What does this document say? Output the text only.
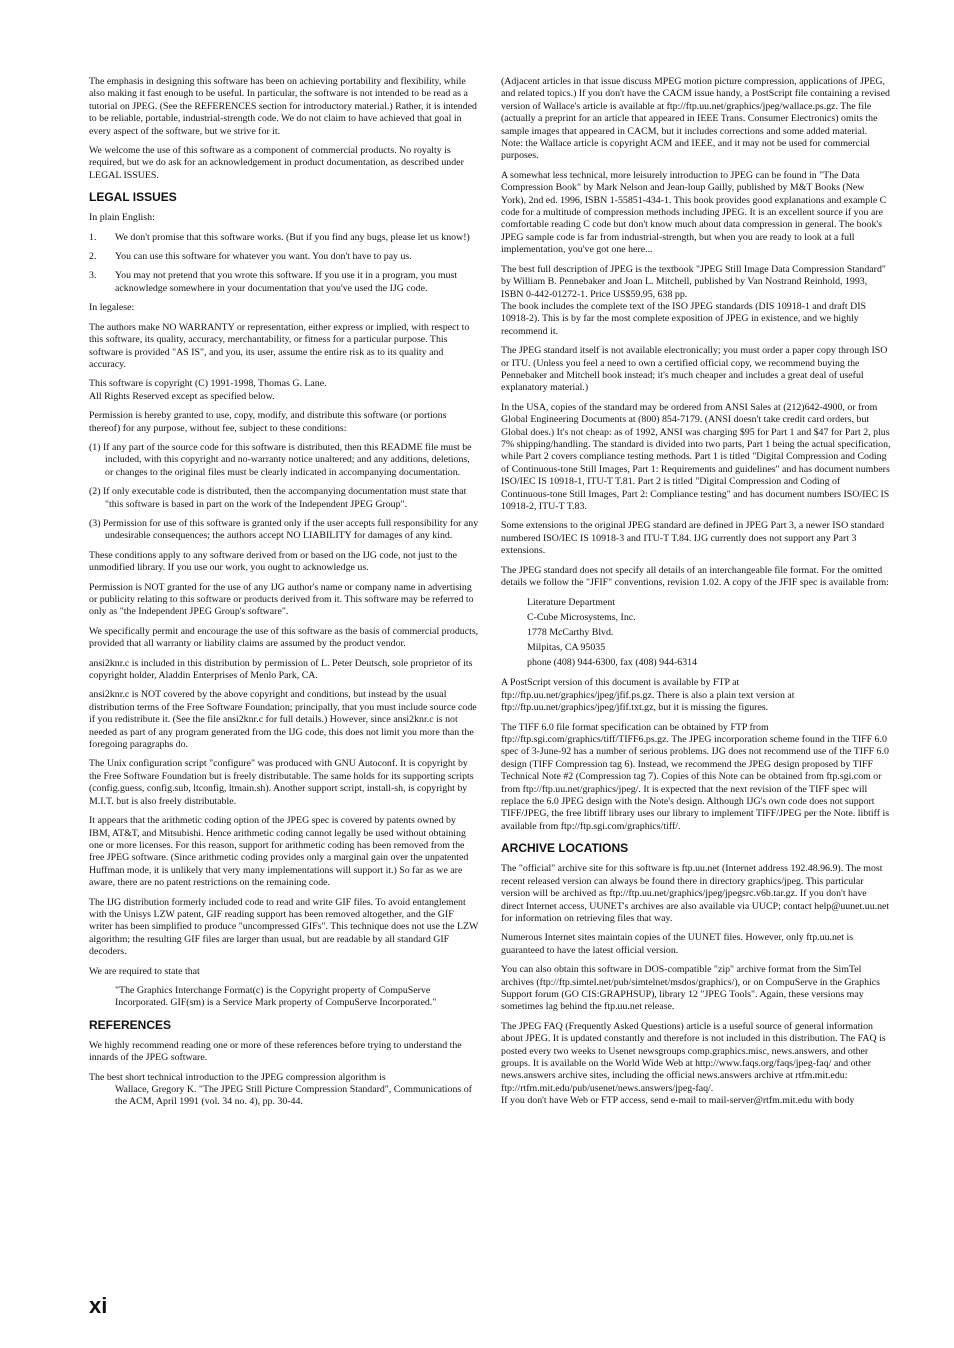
The emphasis in designing this software has been on achieving portability and flexibility, while also making it fast enough to be useful. In particular, the software is not intended to be read as a tutorial on JPEG. (See the REFERENCES section for introductory material.) Rather, it is intended to be reliable, portable, industrial-strength code. We do not claim to have achieved that goal in every aspect of the software, but we strive for it.

We welcome the use of this software as a component of commercial products. No royalty is required, but we do ask for an acknowledgement in product documentation, as described under LEGAL ISSUES.

LEGAL ISSUES

In plain English:

1. We don't promise that this software works. (But if you find any bugs, please let us know!)

2. You can use this software for whatever you want. You don't have to pay us.

3. You may not pretend that you wrote this software. If you use it in a program, you must acknowledge somewhere in your documentation that you've used the IJG code.

In legalese:

The authors make NO WARRANTY or representation, either express or implied, with respect to this software, its quality, accuracy, merchantability, or fitness for a particular purpose. This software is provided "AS IS", and you, its user, assume the entire risk as to its quality and accuracy.

This software is copyright (C) 1991-1998, Thomas G. Lane.
All Rights Reserved except as specified below.

Permission is hereby granted to use, copy, modify, and distribute this software (or portions thereof) for any purpose, without fee, subject to these conditions:

(1) If any part of the source code for this software is distributed, then this README file must be included, with this copyright and no-warranty notice unaltered; and any additions, deletions, or changes to the original files must be clearly indicated in accompanying documentation.

(2) If only executable code is distributed, then the accompanying documentation must state that "this software is based in part on the work of the Independent JPEG Group".

(3) Permission for use of this software is granted only if the user accepts full responsibility for any undesirable consequences; the authors accept NO LIABILITY for damages of any kind.

These conditions apply to any software derived from or based on the IJG code, not just to the unmodified library. If you use our work, you ought to acknowledge us.

Permission is NOT granted for the use of any IJG author's name or company name in advertising or publicity relating to this software or products derived from it. This software may be referred to only as "the Independent JPEG Group's software".

We specifically permit and encourage the use of this software as the basis of commercial products, provided that all warranty or liability claims are assumed by the product vendor.

ansi2knr.c is included in this distribution by permission of L. Peter Deutsch, sole proprietor of its copyright holder, Aladdin Enterprises of Menlo Park, CA.

ansi2knr.c is NOT covered by the above copyright and conditions, but instead by the usual distribution terms of the Free Software Foundation; principally, that you must include source code if you redistribute it. (See the file ansi2knr.c for full details.) However, since ansi2knr.c is not needed as part of any program generated from the IJG code, this does not limit you more than the foregoing paragraphs do.

The Unix configuration script "configure" was produced with GNU Autoconf. It is copyright by the Free Software Foundation but is freely distributable. The same holds for its supporting scripts (config.guess, config.sub, ltconfig, ltmain.sh). Another support script, install-sh, is copyright by M.I.T. but is also freely distributable.

It appears that the arithmetic coding option of the JPEG spec is covered by patents owned by IBM, AT&T, and Mitsubishi. Hence arithmetic coding cannot legally be used without obtaining one or more licenses. For this reason, support for arithmetic coding has been removed from the free JPEG software. (Since arithmetic coding provides only a marginal gain over the unpatented Huffman mode, it is unlikely that very many implementations will support it.) So far as we are aware, there are no patent restrictions on the remaining code.

The IJG distribution formerly included code to read and write GIF files. To avoid entanglement with the Unisys LZW patent, GIF reading support has been removed altogether, and the GIF writer has been simplified to produce "uncompressed GIFs". This technique does not use the LZW algorithm; the resulting GIF files are larger than usual, but are readable by all standard GIF decoders.

We are required to state that

"The Graphics Interchange Format(c) is the Copyright property of CompuServe Incorporated. GIF(sm) is a Service Mark property of CompuServe Incorporated."

REFERENCES

We highly recommend reading one or more of these references before trying to understand the innards of the JPEG software.

The best short technical introduction to the JPEG compression algorithm is

Wallace, Gregory K. "The JPEG Still Picture Compression Standard", Communications of the ACM, April 1991 (vol. 34 no. 4), pp. 30-44.

(Adjacent articles in that issue discuss MPEG motion picture compression, applications of JPEG, and related topics.) If you don't have the CACM issue handy, a PostScript file containing a revised version of Wallace's article is available at ftp://ftp.uu.net/graphics/jpeg/wallace.ps.gz. The file (actually a preprint for an article that appeared in IEEE Trans. Consumer Electronics) omits the sample images that appeared in CACM, but it includes corrections and some added material. Note: the Wallace article is copyright ACM and IEEE, and it may not be used for commercial purposes.

A somewhat less technical, more leisurely introduction to JPEG can be found in "The Data Compression Book" by Mark Nelson and Jean-loup Gailly, published by M&T Books (New York), 2nd ed. 1996, ISBN 1-55851-434-1. This book provides good explanations and example C code for a multitude of compression methods including JPEG. It is an excellent source if you are comfortable reading C code but don't know much about data compression in general. The book's JPEG sample code is far from industrial-strength, but when you are ready to look at a full implementation, you've got one here...

The best full description of JPEG is the textbook "JPEG Still Image Data Compression Standard" by William B. Pennebaker and Joan L. Mitchell, published by Van Nostrand Reinhold, 1993, ISBN 0-442-01272-1. Price US$59.95, 638 pp.
The book includes the complete text of the ISO JPEG standards (DIS 10918-1 and draft DIS 10918-2). This is by far the most complete exposition of JPEG in existence, and we highly recommend it.

The JPEG standard itself is not available electronically; you must order a paper copy through ISO or ITU. (Unless you feel a need to own a certified official copy, we recommend buying the Pennebaker and Mitchell book instead; it's much cheaper and includes a great deal of useful explanatory material.)

In the USA, copies of the standard may be ordered from ANSI Sales at (212)642-4900, or from Global Engineering Documents at (800) 854-7179. (ANSI doesn't take credit card orders, but Global does.) It's not cheap: as of 1992, ANSI was charging $95 for Part 1 and $47 for Part 2, plus 7% shipping/handling. The standard is divided into two parts, Part 1 being the actual specification, while Part 2 covers compliance testing methods. Part 1 is titled "Digital Compression and Coding of Continuous-tone Still Images, Part 1: Requirements and guidelines" and has document numbers ISO/IEC IS 10918-1, ITU-T T.81. Part 2 is titled "Digital Compression and Coding of Continuous-tone Still Images, Part 2: Compliance testing" and has document numbers ISO/IEC IS 10918-2, ITU-T T.83.

Some extensions to the original JPEG standard are defined in JPEG Part 3, a newer ISO standard numbered ISO/IEC IS 10918-3 and ITU-T T.84. IJG currently does not support any Part 3 extensions.

The JPEG standard does not specify all details of an interchangeable file format. For the omitted details we follow the "JFIF" conventions, revision 1.02. A copy of the JFIF spec is available from:

Literature Department
C-Cube Microsystems, Inc.
1778 McCarthy Blvd.
Milpitas, CA 95035
phone (408) 944-6300, fax (408) 944-6314

A PostScript version of this document is available by FTP at ftp://ftp.uu.net/graphics/jpeg/jfif.ps.gz. There is also a plain text version at ftp://ftp.uu.net/graphics/jpeg/jfif.txt.gz, but it is missing the figures.

The TIFF 6.0 file format specification can be obtained by FTP from ftp://ftp.sgi.com/graphics/tiff/TIFF6.ps.gz. The JPEG incorporation scheme found in the TIFF 6.0 spec of 3-June-92 has a number of serious problems. IJG does not recommend use of the TIFF 6.0 design (TIFF Compression tag 6). Instead, we recommend the JPEG design proposed by TIFF Technical Note #2 (Compression tag 7). Copies of this Note can be obtained from ftp.sgi.com or from ftp://ftp.uu.net/graphics/jpeg/. It is expected that the next revision of the TIFF spec will replace the 6.0 JPEG design with the Note's design. Although IJG's own code does not support TIFF/JPEG, the free libtiff library uses our library to implement TIFF/JPEG per the Note. libtiff is available from ftp://ftp.sgi.com/graphics/tiff/.

ARCHIVE LOCATIONS

The "official" archive site for this software is ftp.uu.net (Internet address 192.48.96.9). The most recent released version can always be found there in directory graphics/jpeg. This particular version will be archived as ftp://ftp.uu.net/graphics/jpeg/jpegsrc.v6b.tar.gz. If you don't have direct Internet access, UUNET's archives are also available via UUCP; contact help@uunet.uu.net for information on retrieving files that way.

Numerous Internet sites maintain copies of the UUNET files. However, only ftp.uu.net is guaranteed to have the latest official version.

You can also obtain this software in DOS-compatible "zip" archive format from the SimTel archives (ftp://ftp.simtel.net/pub/simtelnet/msdos/graphics/), or on CompuServe in the Graphics Support forum (GO CIS:GRAPHSUP), library 12 "JPEG Tools". Again, these versions may sometimes lag behind the ftp.uu.net release.

The JPEG FAQ (Frequently Asked Questions) article is a useful source of general information about JPEG. It is updated constantly and therefore is not included in this distribution. The FAQ is posted every two weeks to Usenet newsgroups comp.graphics.misc, news.answers, and other groups. It is available on the World Wide Web at http://www.faqs.org/faqs/jpeg-faq/ and other news.answers archive sites, including the official news.answers archive at rtfm.mit.edu: ftp://rtfm.mit.edu/pub/usenet/news.answers/jpeg-faq/.
If you don't have Web or FTP access, send e-mail to mail-server@rtfm.mit.edu with body

xi
